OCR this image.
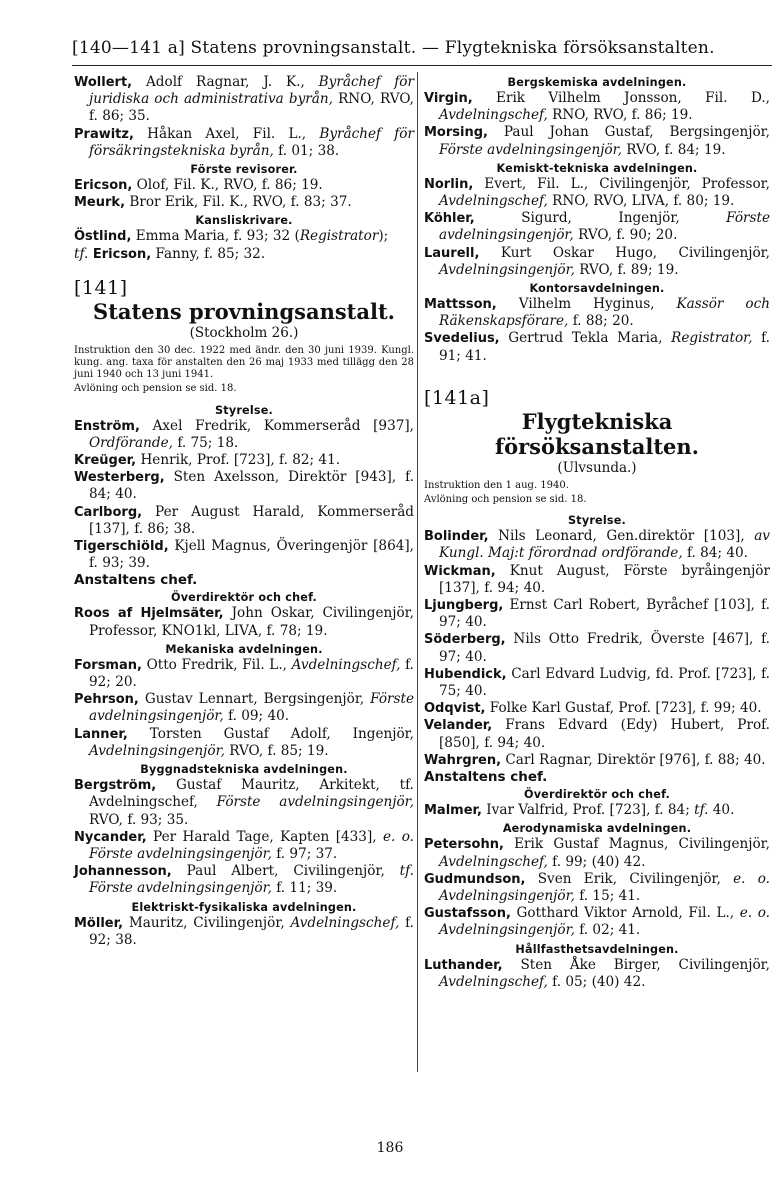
[140—141 a] Statens provningsanstalt. — Flygtekniska försöksanstalten.

Wollert, Adolf Ragnar, J. K., Byråchef för juridiska och administrativa byrån, RNO, RVO, f. 86; 35.

Prawitz, Håkan Axel, Fil. L., Byråchef för försäkringstekniska byrån, f. 01; 38.

Förste revisorer.

Ericson, Olof, Fil. K., RVO, f. 86; 19.

Meurk, Bror Erik, Fil. K., RVO, f. 83; 37.

Kansliskrivare.

Östlind, Emma Maria, f. 93; 32 (Registrator);

tf. Ericson, Fanny, f. 85; 32.

[141]
Statens provningsanstalt.
(Stockholm 26.)

Instruktion den 30 dec. 1922 med ändr. den 30 juni 1939. Kungl. kung. ang. taxa för anstalten den 26 maj 1933 med tillägg den 28 juni 1940 och 13 juni 1941.

Avlöning och pension se sid. 18.

Styrelse.

Enström, Axel Fredrik, Kommerseråd [937], Ordförande, f. 75; 18.

Kreüger, Henrik, Prof. [723], f. 82; 41.

Westerberg, Sten Axelsson, Direktör [943], f. 84; 40.

Carlborg, Per August Harald, Kommerseråd [137], f. 86; 38.

Tigerschiöld, Kjell Magnus, Överingenjör [864], f. 93; 39.

Anstaltens chef.
Överdirektör och chef.

Roos af Hjelmsäter, John Oskar, Civilingenjör, Professor, KNO1kl, LIVA, f. 78; 19.

Mekaniska avdelningen.

Forsman, Otto Fredrik, Fil. L., Avdelningschef, f. 92; 20.

Pehrson, Gustav Lennart, Bergsingenjör, Förste avdelningsingenjör, f. 09; 40.

Lanner, Torsten Gustaf Adolf, Ingenjör, Avdelningsingenjör, RVO, f. 85; 19.

Byggnadstekniska avdelningen.

Bergström, Gustaf Mauritz, Arkitekt, tf. Avdelningschef, Förste avdelningsingenjör, RVO, f. 93; 35.

Nycander, Per Harald Tage, Kapten [433], e. o. Förste avdelningsingenjör, f. 97; 37.

Johannesson, Paul Albert, Civilingenjör, tf. Förste avdelningsingenjör, f. 11; 39.

Elektriskt-fysikaliska avdelningen.

Möller, Mauritz, Civilingenjör, Avdelningschef, f. 92; 38.

Bergskemiska avdelningen.

Virgin, Erik Vilhelm Jonsson, Fil. D., Avdelningschef, RNO, RVO, f. 86; 19.

Morsing, Paul Johan Gustaf, Bergsingenjör, Förste avdelningsingenjör, RVO, f. 84; 19.

Kemiskt-tekniska avdelningen.

Norlin, Evert, Fil. L., Civilingenjör, Professor, Avdelningschef, RNO, RVO, LIVA, f. 80; 19.

Köhler, Sigurd, Ingenjör, Förste avdelningsingenjör, RVO, f. 90; 20.

Laurell, Kurt Oskar Hugo, Civilingenjör, Avdelningsingenjör, RVO, f. 89; 19.

Kontorsavdelningen.

Mattsson, Vilhelm Hyginus, Kassör och Räkenskapsförare, f. 88; 20.

Svedelius, Gertrud Tekla Maria, Registrator, f. 91; 41.

[141a]
Flygtekniska försöksanstalten.
(Ulvsunda.)

Instruktion den 1 aug. 1940.

Avlöning och pension se sid. 18.

Styrelse.

Bolinder, Nils Leonard, Gen.direktör [103], av Kungl. Maj:t förordnad ordförande, f. 84; 40.

Wickman, Knut August, Förste byråingenjör [137], f. 94; 40.

Ljungberg, Ernst Carl Robert, Byråchef [103], f. 97; 40.

Söderberg, Nils Otto Fredrik, Överste [467], f. 97; 40.

Hubendick, Carl Edvard Ludvig, fd. Prof. [723], f. 75; 40.

Odqvist, Folke Karl Gustaf, Prof. [723], f. 99; 40.

Velander, Frans Edvard (Edy) Hubert, Prof. [850], f. 94; 40.

Wahrgren, Carl Ragnar, Direktör [976], f. 88; 40.

Anstaltens chef.
Överdirektör och chef.

Malmer, Ivar Valfrid, Prof. [723], f. 84; tf. 40.

Aerodynamiska avdelningen.

Petersohn, Erik Gustaf Magnus, Civilingenjör, Avdelningschef, f. 99; (40) 42.

Gudmundson, Sven Erik, Civilingenjör, e. o. Avdelningsingenjör, f. 15; 41.

Gustafsson, Gotthard Viktor Arnold, Fil. L., e. o. Avdelningsingenjör, f. 02; 41.

Hållfasthetsavdelningen.

Luthander, Sten Åke Birger, Civilingenjör, Avdelningschef, f. 05; (40) 42.

186
